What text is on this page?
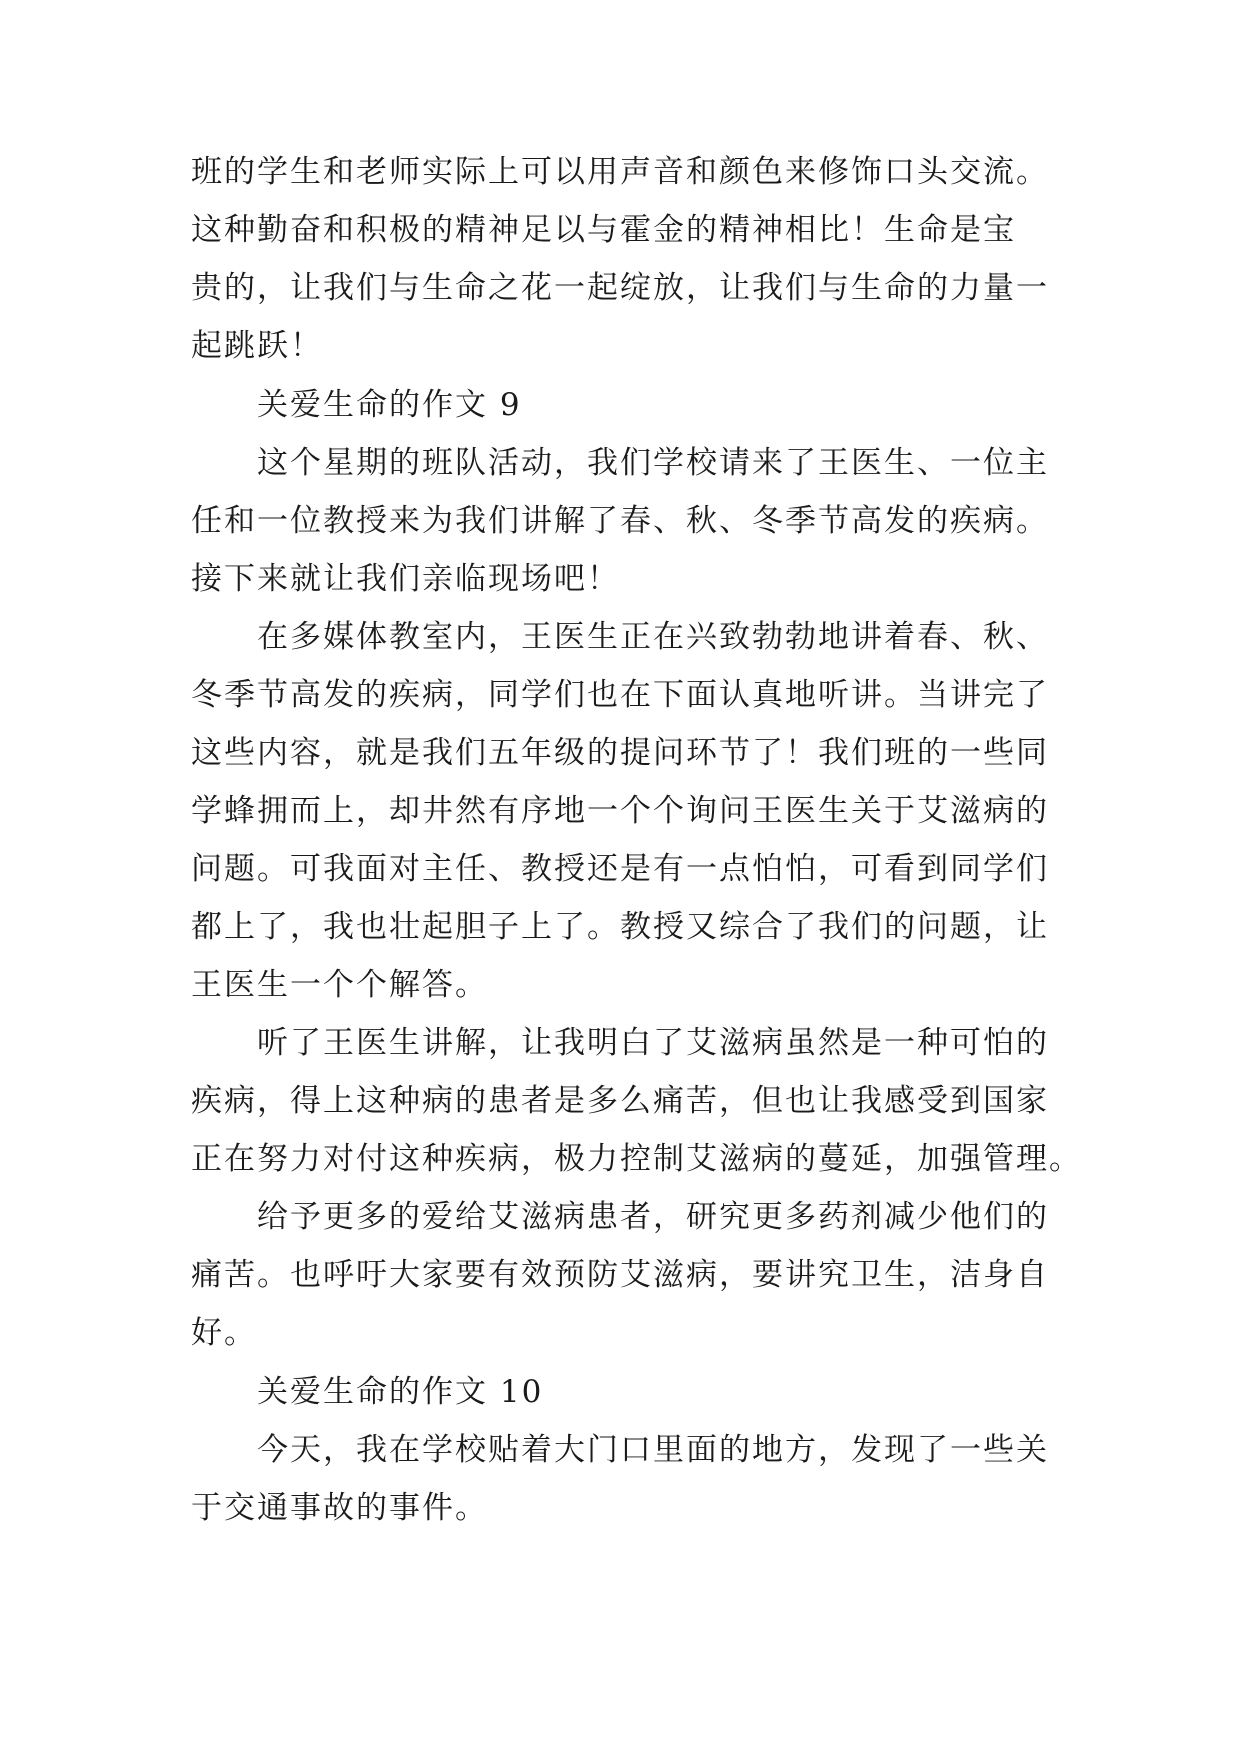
班的学生和老师实际上可以用声音和颜色来修饰口头交流。
这种勤奋和积极的精神足以与霍金的精神相比！生命是宝
贵的，让我们与生命之花一起绽放，让我们与生命的力量一
起跳跃！
关爱生命的作文 9
这个星期的班队活动，我们学校请来了王医生、一位主
任和一位教授来为我们讲解了春、秋、冬季节高发的疾病。
接下来就让我们亲临现场吧！
在多媒体教室内，王医生正在兴致勃勃地讲着春、秋、
冬季节高发的疾病，同学们也在下面认真地听讲。当讲完了
这些内容，就是我们五年级的提问环节了！我们班的一些同
学蜂拥而上，却井然有序地一个个询问王医生关于艾滋病的
问题。可我面对主任、教授还是有一点怕怕，可看到同学们
都上了，我也壮起胆子上了。教授又综合了我们的问题，让
王医生一个个解答。
听了王医生讲解，让我明白了艾滋病虽然是一种可怕的
疾病，得上这种病的患者是多么痛苦，但也让我感受到国家
正在努力对付这种疾病，极力控制艾滋病的蔓延，加强管理。
给予更多的爱给艾滋病患者，研究更多药剂减少他们的
痛苦。也呼吁大家要有效预防艾滋病，要讲究卫生，洁身自
好。
关爱生命的作文 10
今天，我在学校贴着大门口里面的地方，发现了一些关
于交通事故的事件。
